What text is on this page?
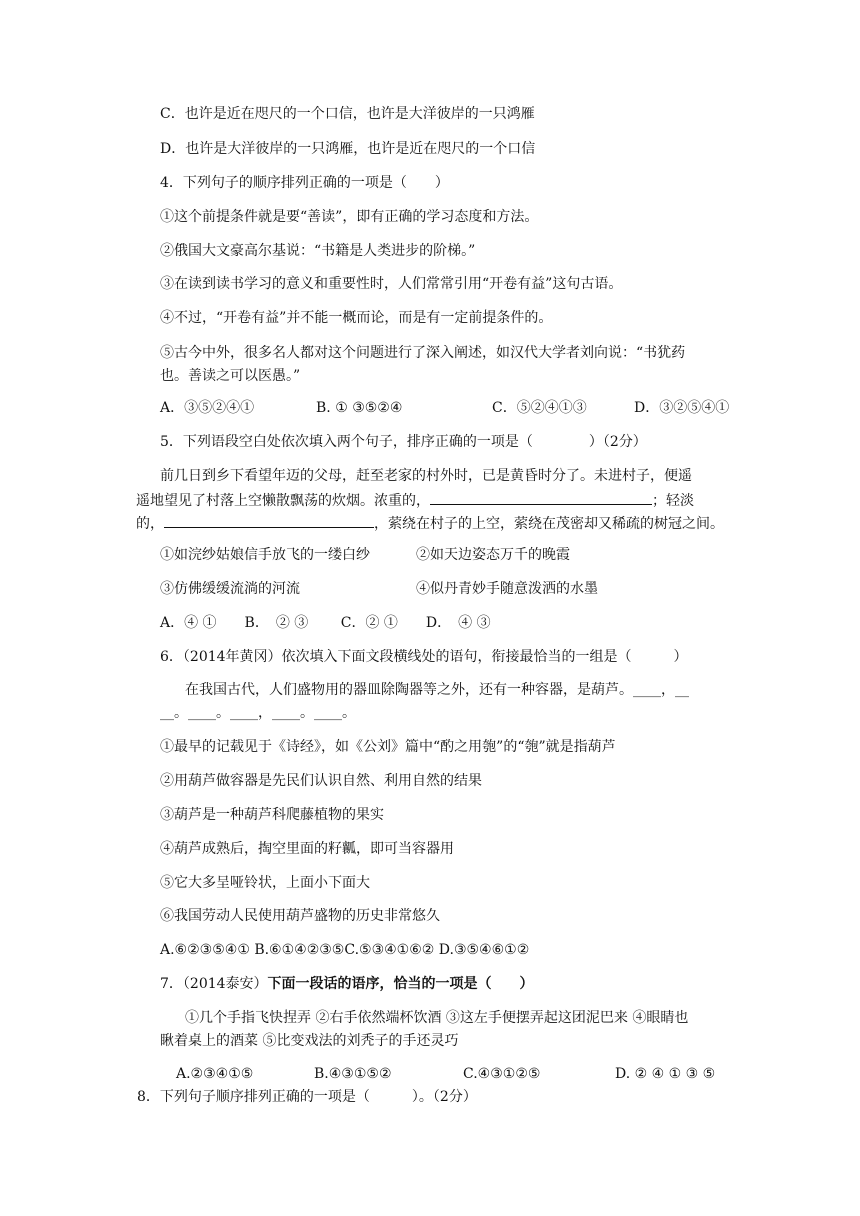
C．也许是近在咫尺的一个口信，也许是大洋彼岸的一只鸿雁
D．也许是大洋彼岸的一只鸿雁，也许是近在咫尺的一个口信
4．下列句子的顺序排列正确的一项是（　　）
①这个前提条件就是要“善读”，即有正确的学习态度和方法。
②俄国大文豪高尔基说：“书籍是人类进步的阶梯。”
③在读到读书学习的意义和重要性时，人们常常引用“开卷有益”这句古语。
④不过，“开卷有益”并不能一概而论，而是有一定前提条件的。
⑤古今中外，很多名人都对这个问题进行了深入阐述，如汉代大学者刘向说：“书犹药
也。善读之可以医愚。”
A．③⑤②④①	B. ① ③⑤②④	C．⑤②④①③	D．③②⑤④①
5．下列语段空白处依次填入两个句子，排序正确的一项是（　　　　）（2分）
前几日到乡下看望年迈的父母，赶至老家的村外时，已是黄昏时分了。未进村子，便遥
遥地望见了村落上空懒散飘荡的炊烟。浓重的，	；轻淡
的，	，萦绕在村子的上空，萦绕在茂密却又稀疏的树冠之间。
①如浣纱姑娘信手放飞的一缕白纱	②如天边姿态万千的晚霞
③仿佛缓缓流淌的河流	④似丹青妙手随意泼洒的水墨
A．④ ①　　B．　② ③　　 C．② ①　　D．　④ ③
6．（2014年黄冈）依次填入下面文段横线处的语句，衔接最恰当的一组是（　　　）
在我国古代，人们盛物用的器皿除陶器等之外，还有一种容器，是葫芦。____，__
__。____。____，____。____。
①最早的记载见于《诗经》，如《公刘》篇中“酌之用匏”的“匏”就是指葫芦
②用葫芦做容器是先民们认识自然、利用自然的结果
③葫芦是一种葫芦科爬藤植物的果实
④葫芦成熟后，掏空里面的籽瓤，即可当容器用
⑤它大多呈哑铃状，上面小下面大
⑥我国劳动人民使用葫芦盛物的历史非常悠久
A.⑥②③⑤④① B.⑥①④②③⑤C.⑤③④①⑥② D.③⑤④⑥①②
7．（2014泰安）下面一段话的语序，恰当的一项是（　　）
①几个手指飞快捏弄 ②右手依然端杯饮酒 ③这左手便摆弄起这团泥巴来 ④眼睛也
瞅着桌上的酒菜 ⑤比变戏法的刘秃子的手还灵巧
A.②③④①⑤	B.④③①⑤②	C.④③①②⑤	D. ② ④ ① ③ ⑤
8．下列句子顺序排列正确的一项是（　　　）。（2分）
